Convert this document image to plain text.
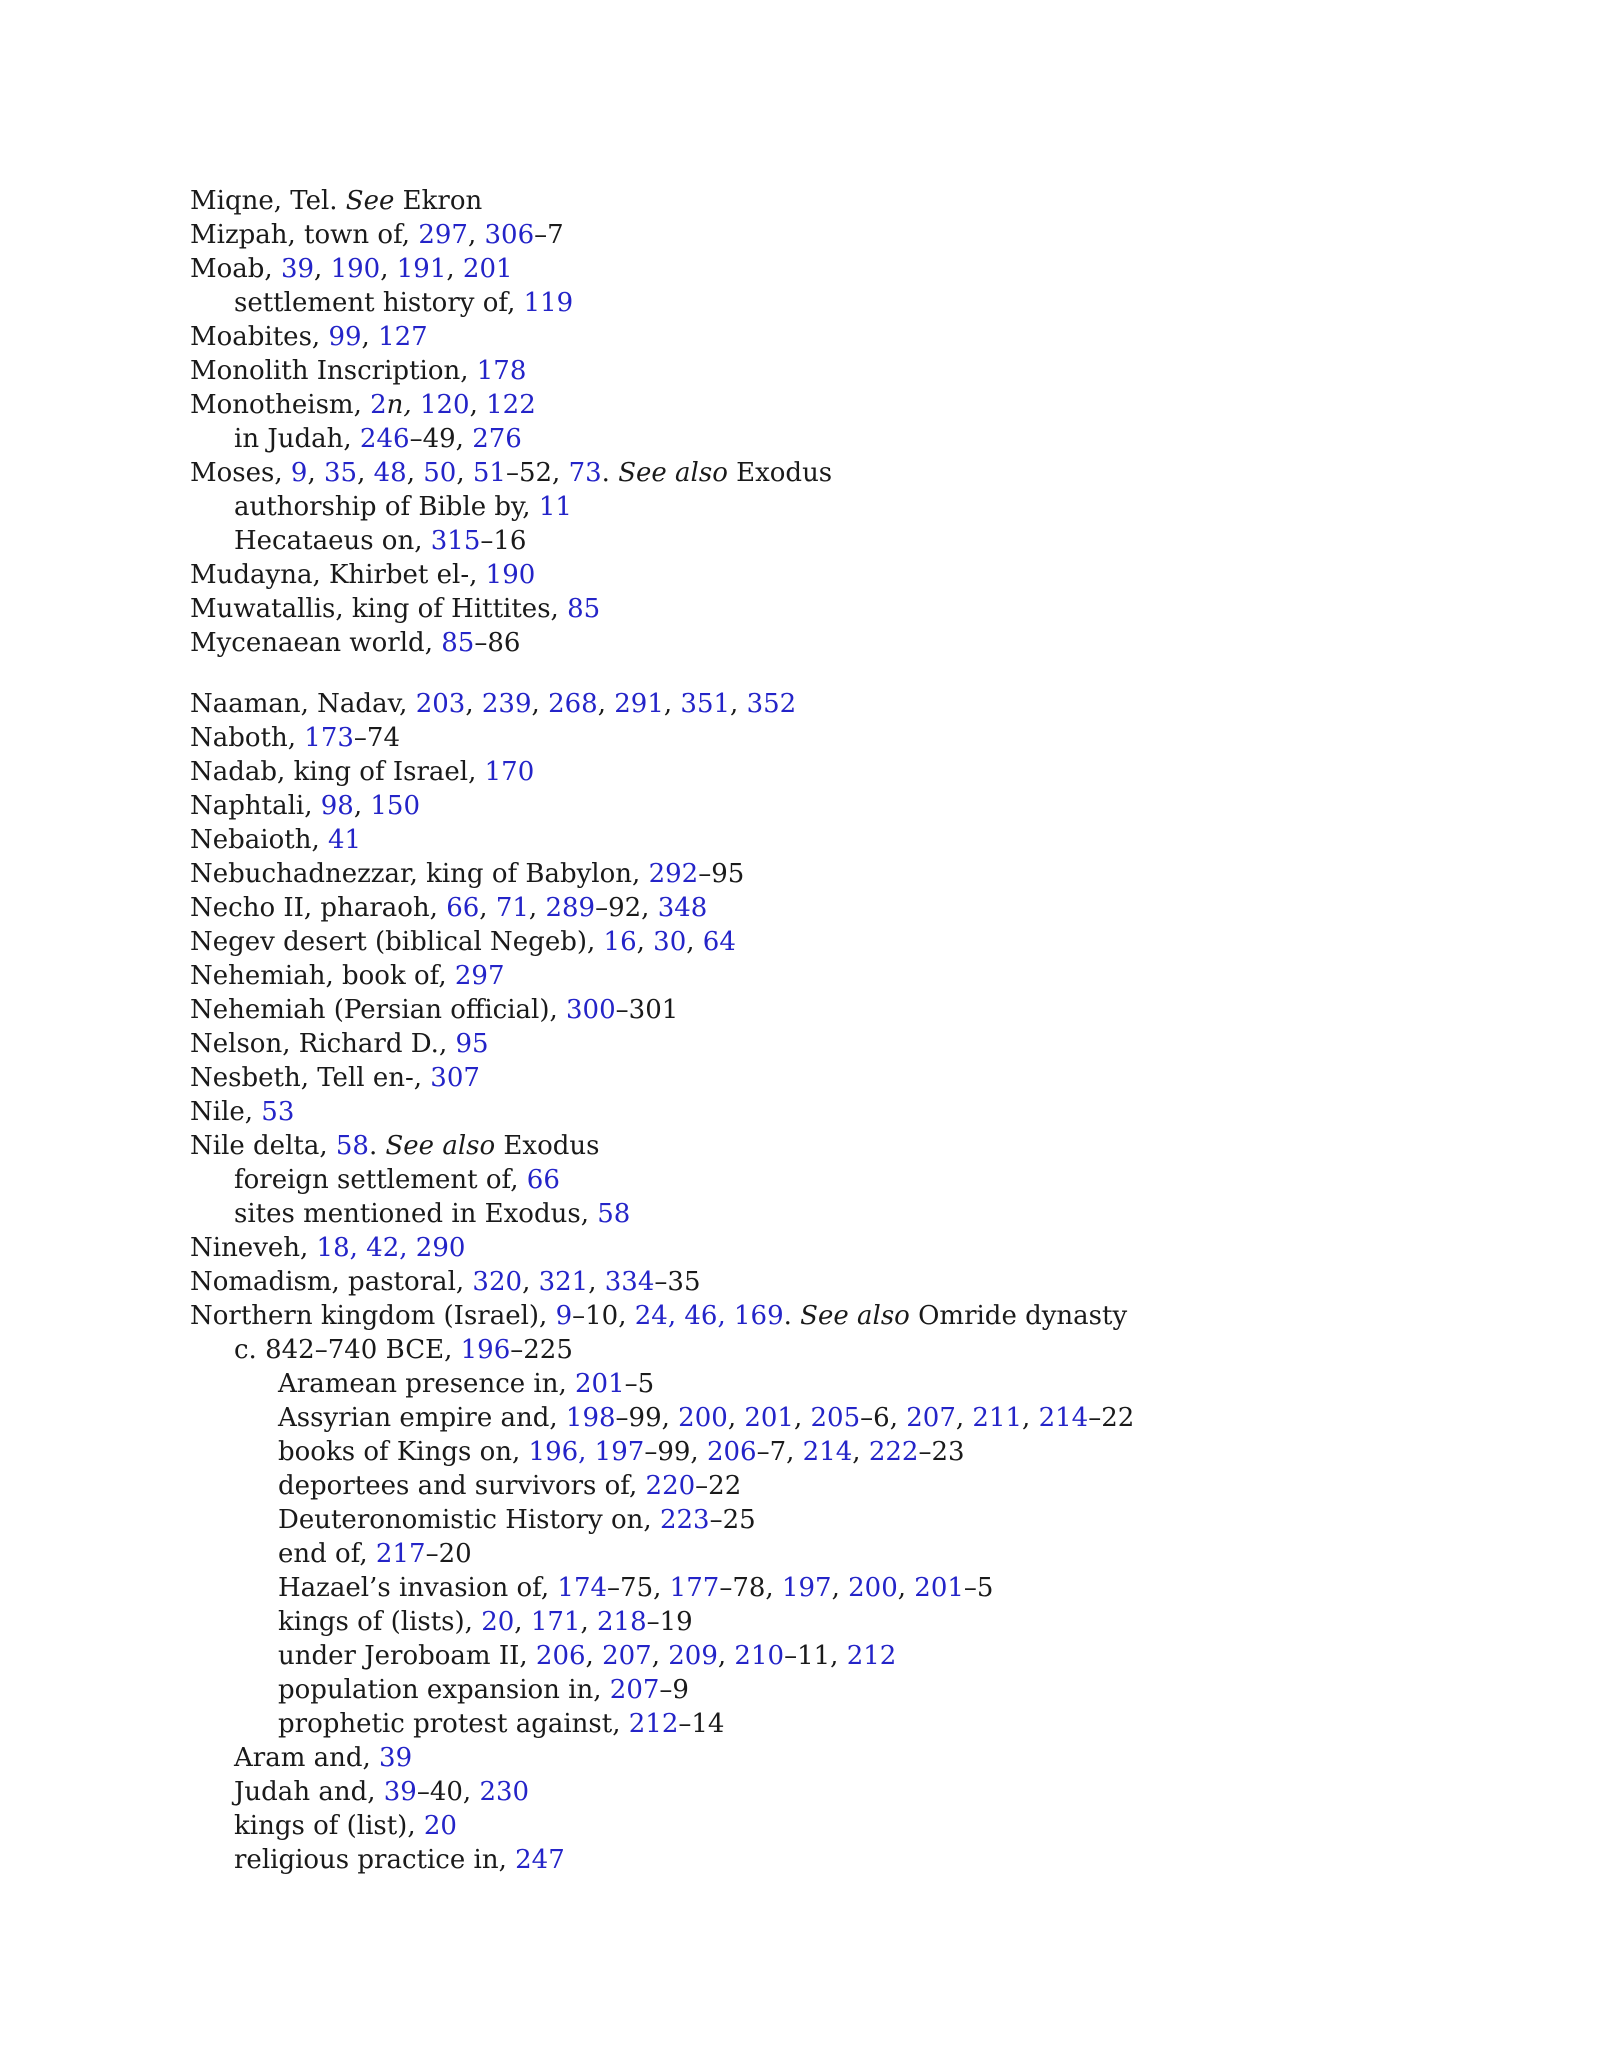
Miqne, Tel. See Ekron
Mizpah, town of, 297, 306–7
Moab, 39, 190, 191, 201
settlement history of, 119
Moabites, 99, 127
Monolith Inscription, 178
Monotheism, 2n, 120, 122
in Judah, 246–49, 276
Moses, 9, 35, 48, 50, 51–52, 73. See also Exodus
authorship of Bible by, 11
Hecataeus on, 315–16
Mudayna, Khirbet el-, 190
Muwatallis, king of Hittites, 85
Mycenaean world, 85–86
Naaman, Nadav, 203, 239, 268, 291, 351, 352
Naboth, 173–74
Nadab, king of Israel, 170
Naphtali, 98, 150
Nebaioth, 41
Nebuchadnezzar, king of Babylon, 292–95
Necho II, pharaoh, 66, 71, 289–92, 348
Negev desert (biblical Negeb), 16, 30, 64
Nehemiah, book of, 297
Nehemiah (Persian official), 300–301
Nelson, Richard D., 95
Nesbeth, Tell en-, 307
Nile, 53
Nile delta, 58. See also Exodus
foreign settlement of, 66
sites mentioned in Exodus, 58
Nineveh, 18, 42, 290
Nomadism, pastoral, 320, 321, 334–35
Northern kingdom (Israel), 9–10, 24, 46, 169. See also Omride dynasty
c. 842–740 BCE, 196–225
Aramean presence in, 201–5
Assyrian empire and, 198–99, 200, 201, 205–6, 207, 211, 214–22
books of Kings on, 196, 197–99, 206–7, 214, 222–23
deportees and survivors of, 220–22
Deuteronomistic History on, 223–25
end of, 217–20
Hazael’s invasion of, 174–75, 177–78, 197, 200, 201–5
kings of (lists), 20, 171, 218–19
under Jeroboam II, 206, 207, 209, 210–11, 212
population expansion in, 207–9
prophetic protest against, 212–14
Aram and, 39
Judah and, 39–40, 230
kings of (list), 20
religious practice in, 247
